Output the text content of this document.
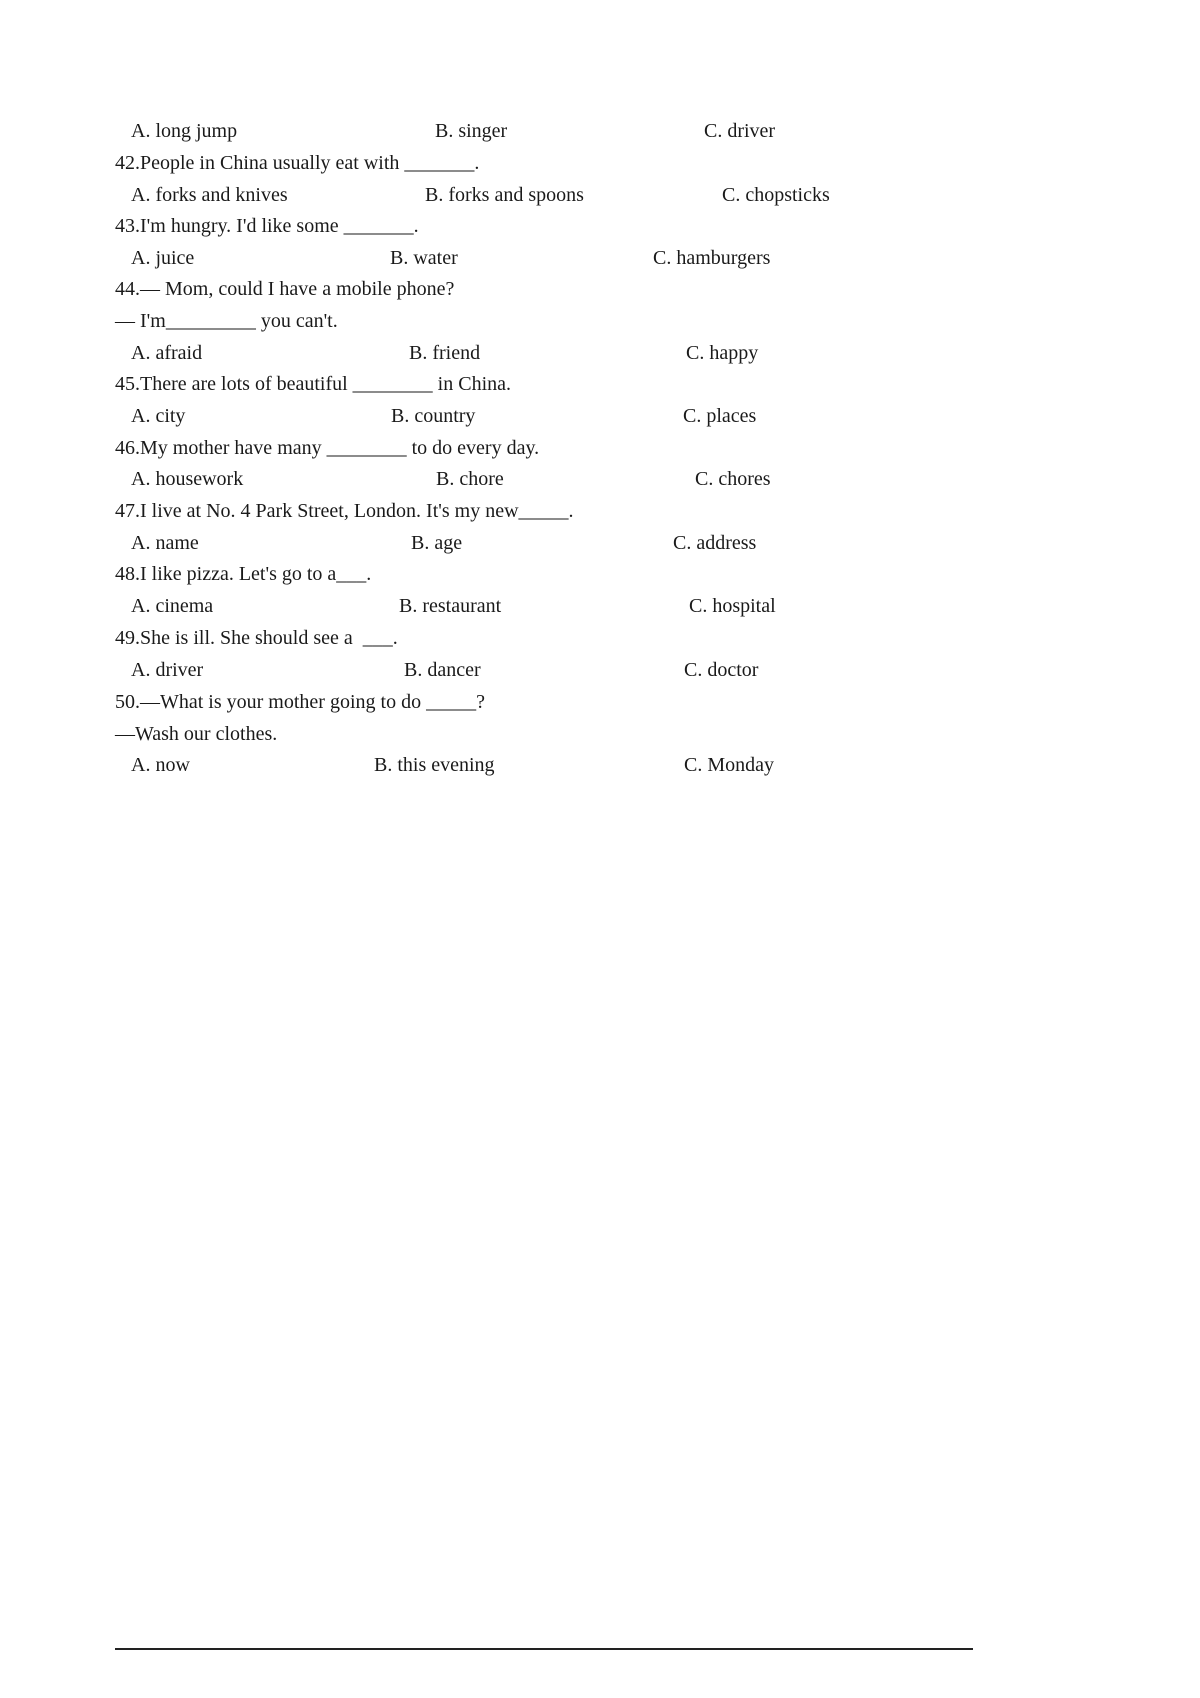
A. long jump	B. singer	C. driver
42.People in China usually eat with _______.
A. forks and knives	B. forks and spoons	C. chopsticks
43.I'm hungry. I'd like some _______.
A. juice	B. water	C. hamburgers
44.— Mom, could I have a mobile phone?
— I'm_________ you can't.
A. afraid	B. friend	C. happy
45.There are lots of beautiful ________ in China.
A. city	B. country	C. places
46.My mother have many ________ to do every day.
A. housework	B. chore	C. chores
47.I live at No. 4 Park Street, London. It's my new_____.
A. name	B. age	C. address
48.I like pizza. Let's go to a___.
A. cinema	B. restaurant	C. hospital
49.She is ill. She should see a  ___.
A. driver	B. dancer	C. doctor
50.—What is your mother going to do _____?
—Wash our clothes.
A. now	B. this evening	C. Monday
